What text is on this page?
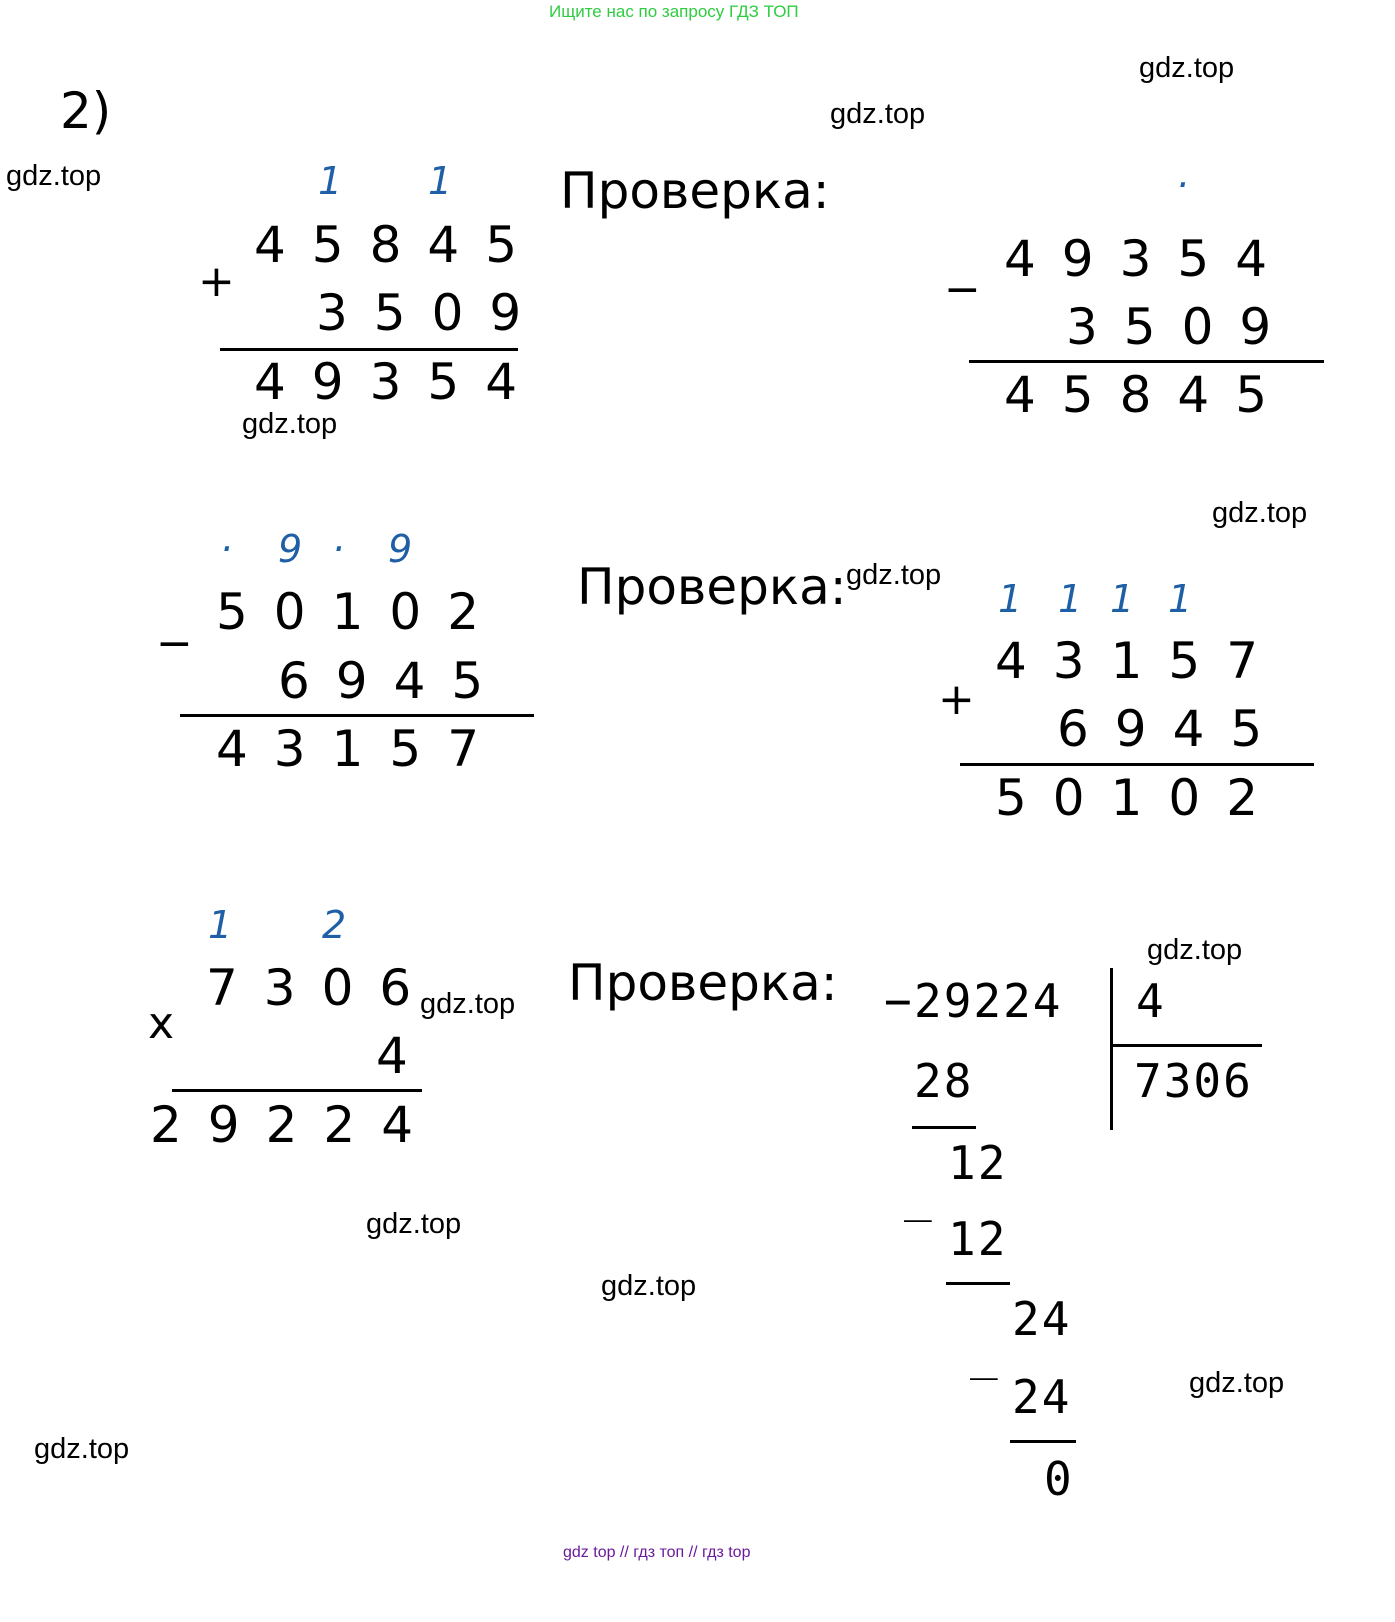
Ищите нас по запросу ГДЗ ТОП
gdz.top
gdz.top
gdz.top
gdz.top
gdz.top
gdz.top
gdz.top
gdz.top
gdz.top
gdz.top
gdz.top
gdz.top
2)
1 1
45845
+
3509
49354
Проверка:	·
49354
−
3509
45845
· 9 · 9
50102
−
6945
43157
Проверка:	1 1 1 1
43157
+
6945
50102
1 2
7306
x
4
29224
Проверка: − 29224 4
7306
28
12
_
12
24
_
24
0
gdz top // гдз топ // гдз top
